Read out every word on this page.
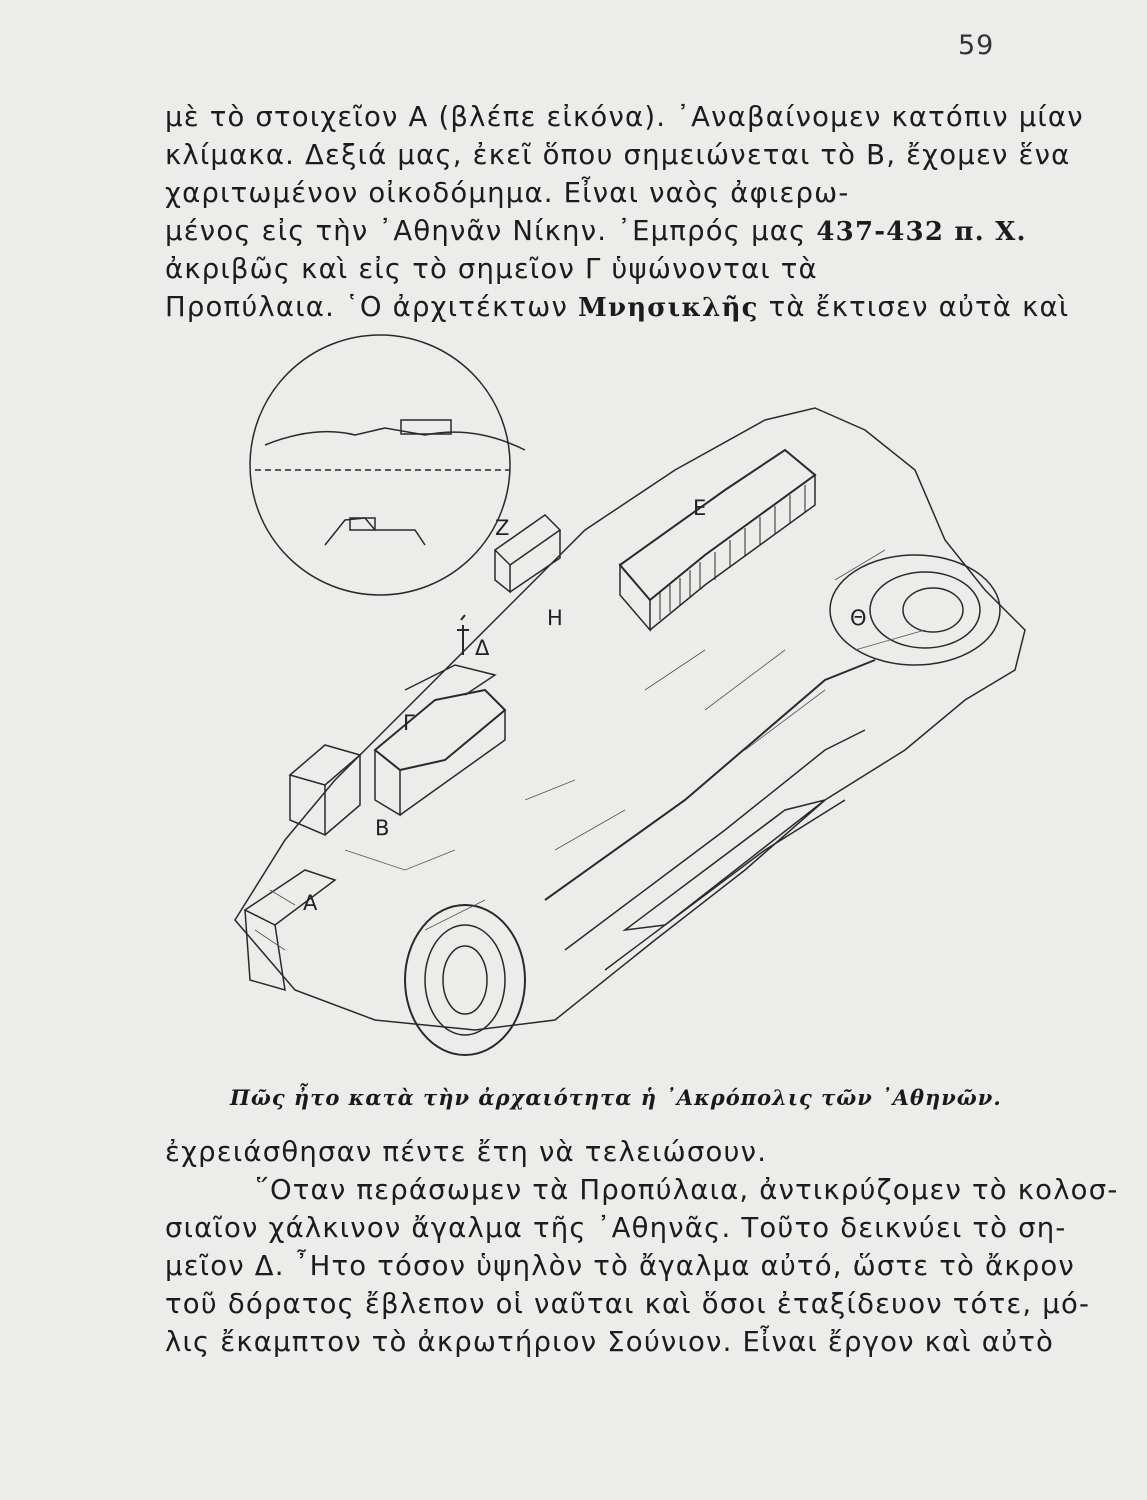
59
μὲ τὸ στοιχεῖον Α (βλέπε εἰκόνα). ᾿Αναβαίνομεν κατόπιν μίαν
κλίμακα. Δεξιά μας, ἐκεῖ ὅπου σημειώνεται τὸ Β, ἔχομεν ἕνα
χαριτωμένον οἰκοδόμημα. Εἶναι ναὸς ἀφιερω-
μένος εἰς τὴν ᾿Αθηνᾶν Νίκην. ᾿Εμπρός μας 437-432 π. Χ.
ἀκριβῶς καὶ εἰς τὸ σημεῖον Γ ὑψώνονται τὰ
Προπύλαια. ῾Ο ἀρχιτέκτων Μνησικλῆς τὰ ἔκτισεν αὐτὰ καὶ
Α
Β
Γ
Δ
Ε
Ζ
Η	Θ
Πῶς ἦτο κατὰ τὴν ἀρχαιότητα ἡ ᾿Ακρόπολις τῶν ᾿Αθηνῶν.
ἐχρειάσθησαν πέντε ἔτη νὰ τελειώσουν.
῞Οταν περάσωμεν τὰ Προπύλαια, ἀντικρύζομεν τὸ κολοσ-
σιαῖον χάλκινον ἄγαλμα τῆς ᾿Αθηνᾶς. Τοῦτο δεικνύει τὸ ση-
μεῖον Δ. ῏Ητο τόσον ὑψηλὸν τὸ ἄγαλμα αὐτό, ὥστε τὸ ἄκρον
τοῦ δόρατος ἔβλεπον οἱ ναῦται καὶ ὅσοι ἐταξίδευον τότε, μό-
λις ἔκαμπτον τὸ ἀκρωτήριον Σούνιον. Εἶναι ἔργον καὶ αὐτὸ
